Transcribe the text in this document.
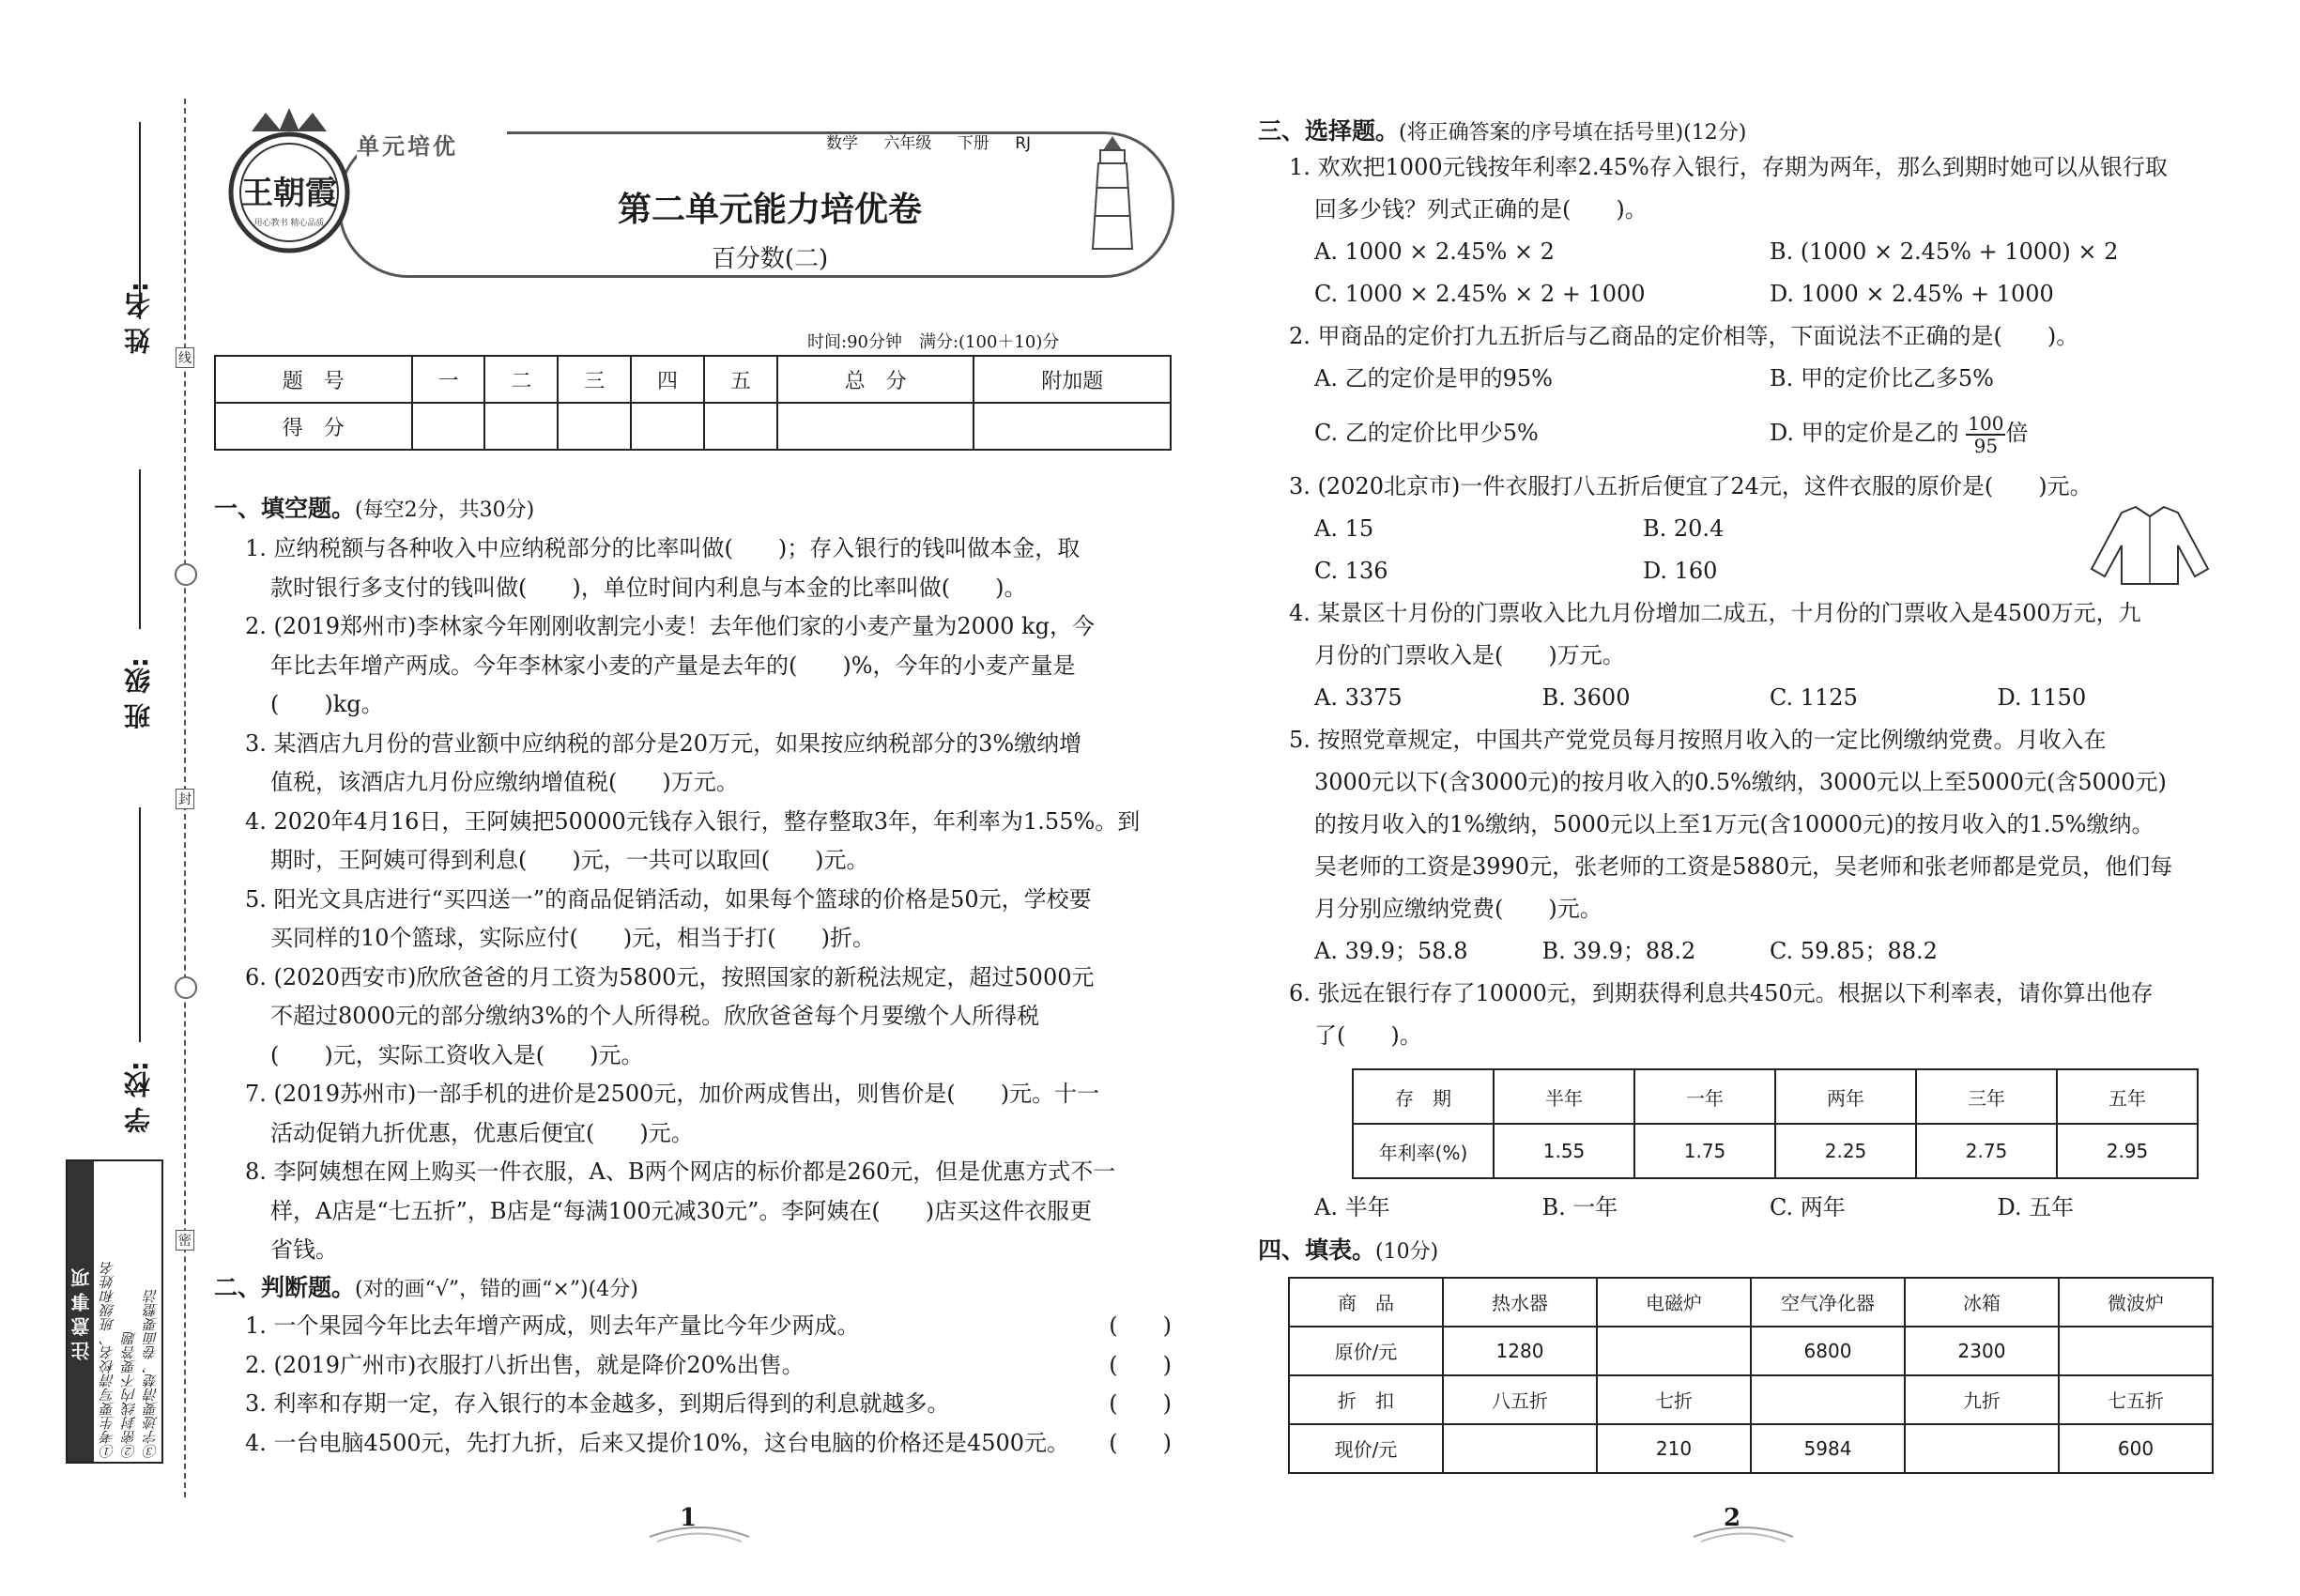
姓 名:
班 级:
学 校:
线
封
密
注意事项 ①考生要写清校名、班级和姓名 ②密封线内不要答题 ③字迹要清楚，卷面要整洁
单元培优
王朝霞
用心教书 精心品质
数学 六年级 下册 RJ
第二单元能力培优卷
百分数(二)
时间:90分钟　满分:(100＋10)分
题　号	一	二	三	四	五	总　分	附加题
得　分							
一、填空题。(每空2分，共30分)
1. 应纳税额与各种收入中应纳税部分的比率叫做(　　)；存入银行的钱叫做本金，取
款时银行多支付的钱叫做(　　)，单位时间内利息与本金的比率叫做(　　)。
2. (2019郑州市)李林家今年刚刚收割完小麦！去年他们家的小麦产量为2000 kg，今
年比去年增产两成。今年李林家小麦的产量是去年的(　　)%，今年的小麦产量是
(　　)kg。
3. 某酒店九月份的营业额中应纳税的部分是20万元，如果按应纳税部分的3%缴纳增
值税，该酒店九月份应缴纳增值税(　　)万元。
4. 2020年4月16日，王阿姨把50000元钱存入银行，整存整取3年，年利率为1.55%。到
期时，王阿姨可得到利息(　　)元，一共可以取回(　　)元。
5. 阳光文具店进行“买四送一”的商品促销活动，如果每个篮球的价格是50元，学校要
买同样的10个篮球，实际应付(　　)元，相当于打(　　)折。
6. (2020西安市)欣欣爸爸的月工资为5800元，按照国家的新税法规定，超过5000元
不超过8000元的部分缴纳3%的个人所得税。欣欣爸爸每个月要缴个人所得税
(　　)元，实际工资收入是(　　)元。
7. (2019苏州市)一部手机的进价是2500元，加价两成售出，则售价是(　　)元。十一
活动促销九折优惠，优惠后便宜(　　)元。
8. 李阿姨想在网上购买一件衣服，A、B两个网店的标价都是260元，但是优惠方式不一
样，A店是“七五折”，B店是“每满100元减30元”。李阿姨在(　　)店买这件衣服更
省钱。
二、判断题。(对的画“√”，错的画“×”)(4分)
1. 一个果园今年比去年增产两成，则去年产量比今年少两成。	(　　)
2. (2019广州市)衣服打八折出售，就是降价20%出售。	(　　)
3. 利率和存期一定，存入银行的本金越多，到期后得到的利息就越多。	(　　)
4. 一台电脑4500元，先打九折，后来又提价10%，这台电脑的价格还是4500元。 (　　)
三、选择题。(将正确答案的序号填在括号里)(12分)
1. 欢欢把1000元钱按年利率2.45%存入银行，存期为两年，那么到期时她可以从银行取
回多少钱？列式正确的是(　　)。
A. 1000 × 2.45% × 2	B. (1000 × 2.45% + 1000) × 2
C. 1000 × 2.45% × 2 + 1000	D. 1000 × 2.45% + 1000
2. 甲商品的定价打九五折后与乙商品的定价相等，下面说法不正确的是(　　)。
A. 乙的定价是甲的95%	B. 甲的定价比乙多5%
C. 乙的定价比甲少5%	D. 甲的定价是乙的 $\frac{100}{95}$倍
3. (2020北京市)一件衣服打八五折后便宜了24元，这件衣服的原价是(　　)元。
A. 15	B. 20.4
C. 136	D. 160
4. 某景区十月份的门票收入比九月份增加二成五，十月份的门票收入是4500万元，九
月份的门票收入是(　　)万元。
A. 3375	B. 3600	C. 1125	D. 1150
5. 按照党章规定，中国共产党党员每月按照月收入的一定比例缴纳党费。月收入在
3000元以下(含3000元)的按月收入的0.5%缴纳，3000元以上至5000元(含5000元)
的按月收入的1%缴纳，5000元以上至1万元(含10000元)的按月收入的1.5%缴纳。
吴老师的工资是3990元，张老师的工资是5880元，吴老师和张老师都是党员，他们每
月分别应缴纳党费(　　)元。
A. 39.9；58.8	B. 39.9；88.2	C. 59.85；88.2
6. 张远在银行存了10000元，到期获得利息共450元。根据以下利率表，请你算出他存
了(　　)。
存　期	半年	一年	两年	三年	五年
年利率(%)	1.55	1.75	2.25	2.75	2.95
A. 半年	B. 一年	C. 两年	D. 五年
四、填表。(10分)
商　品	热水器	电磁炉	空气净化器	冰箱	微波炉
原价/元	1280		6800	2300	
折　扣	八五折	七折		九折	七五折
现价/元		210	5984		600
1	2
